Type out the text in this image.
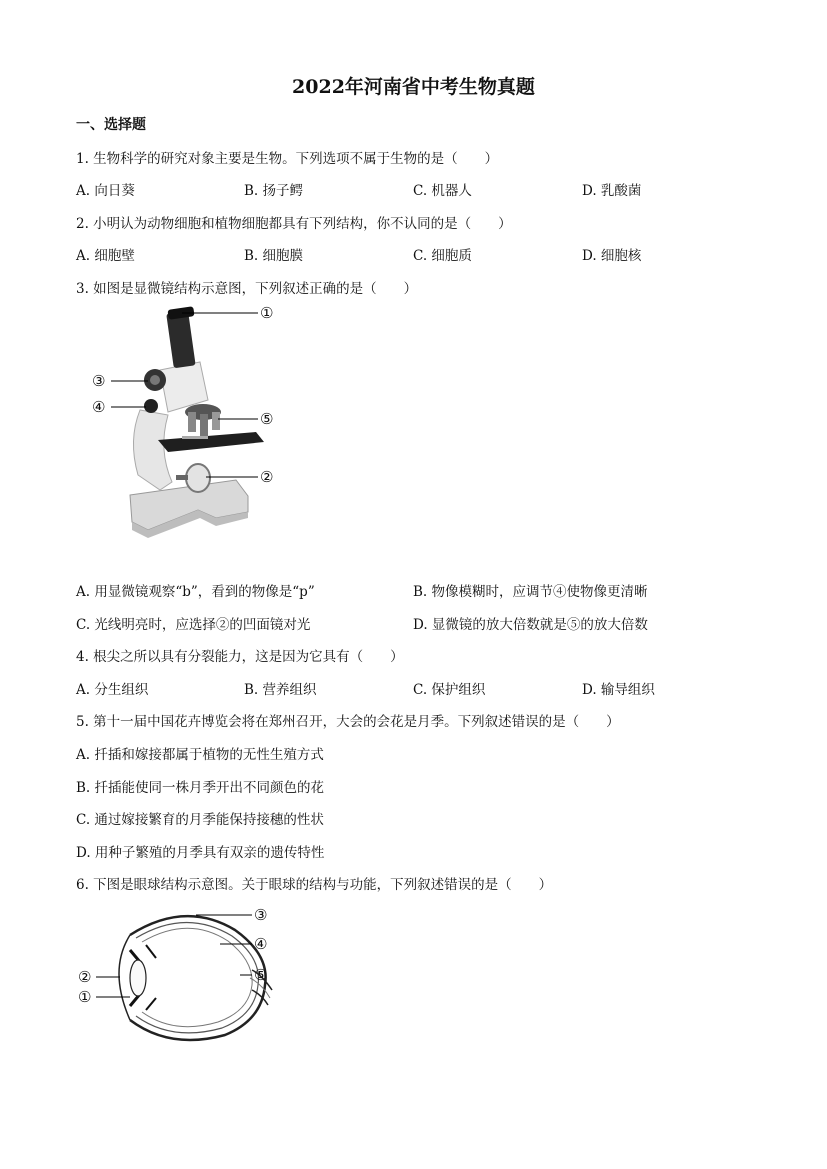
2022年河南省中考生物真题
一、选择题
1. 生物科学的研究对象主要是生物。下列选项不属于生物的是（　　）
A. 向日葵	B. 扬子鳄	C. 机器人	D. 乳酸菌
2. 小明认为动物细胞和植物细胞都具有下列结构，你不认同的是（　　）
A. 细胞壁	B. 细胞膜	C. 细胞质	D. 细胞核
3. 如图是显微镜结构示意图，下列叙述正确的是（　　）
①
③
④
⑤
②
A. 用显微镜观察“b”，看到的物像是“p”	B. 物像模糊时，应调节④使物像更清晰
C. 光线明亮时，应选择②的凹面镜对光	D. 显微镜的放大倍数就是⑤的放大倍数
4. 根尖之所以具有分裂能力，这是因为它具有（　　）
A. 分生组织	B. 营养组织	C. 保护组织	D. 输导组织
5. 第十一届中国花卉博览会将在郑州召开，大会的会花是月季。下列叙述错误的是（　　）
A. 扦插和嫁接都属于植物的无性生殖方式
B. 扦插能使同一株月季开出不同颜色的花
C. 通过嫁接繁育的月季能保持接穗的性状
D. 用种子繁殖的月季具有双亲的遗传特性
6. 下图是眼球结构示意图。关于眼球的结构与功能，下列叙述错误的是（　　）
③
④
⑤
②
①
